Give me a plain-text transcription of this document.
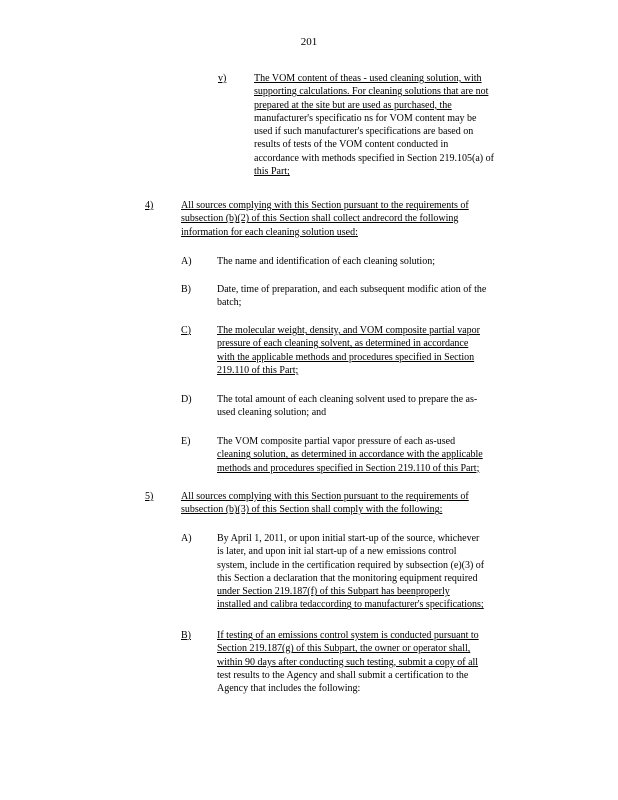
201
v)	The VOM content of theas - used cleaning solution, with
supporting calculations. For cleaning solutions that are not
prepared at the site but are used as purchased, the
manufacturer's specificatio ns for VOM content may be
used if such manufacturer's specifications are based on
results of tests of the VOM content conducted in
accordance with methods specified in Section 219.105(a) of
this Part;
4)	All sources complying with this Section pursuant to the requirements of
subsection (b)(2) of this Section shall collect andrecord the following
information for each cleaning solution used:
A)	The name and identification of each cleaning solution;
B)	Date, time of preparation, and each subsequent modific ation of the
batch;
C)	The molecular weight, density, and VOM composite partial vapor
pressure of each cleaning solvent, as determined in accordance
with the applicable methods and procedures specified in Section
219.110 of this Part;
D)	The total amount of each cleaning solvent used to prepare the as-
used cleaning solution; and
E)	The VOM composite partial vapor pressure of each as-used
cleaning solution, as determined in accordance with the applicable
methods and procedures specified in Section 219.110 of this Part;
5)	All sources complying with this Section pursuant to the requirements of
subsection (b)(3) of this Section shall comply with the following:
A)	By April 1, 2011, or upon initial start-up of the source, whichever
is later, and upon init ial start-up of a new emissions control
system, include in the certification required by subsection (e)(3) of
this Section a declaration that the monitoring equipment required
under Section 219.187(f) of this Subpart has beenproperly
installed and calibra tedaccording to manufacturer's specifications;
B)	If testing of an emissions control system is conducted pursuant to
Section 219.187(g) of this Subpart, the owner or operator shall,
within 90 days after conducting such testing, submit a copy of all
test results to the Agency and shall submit a certification to the
Agency that includes the following:
